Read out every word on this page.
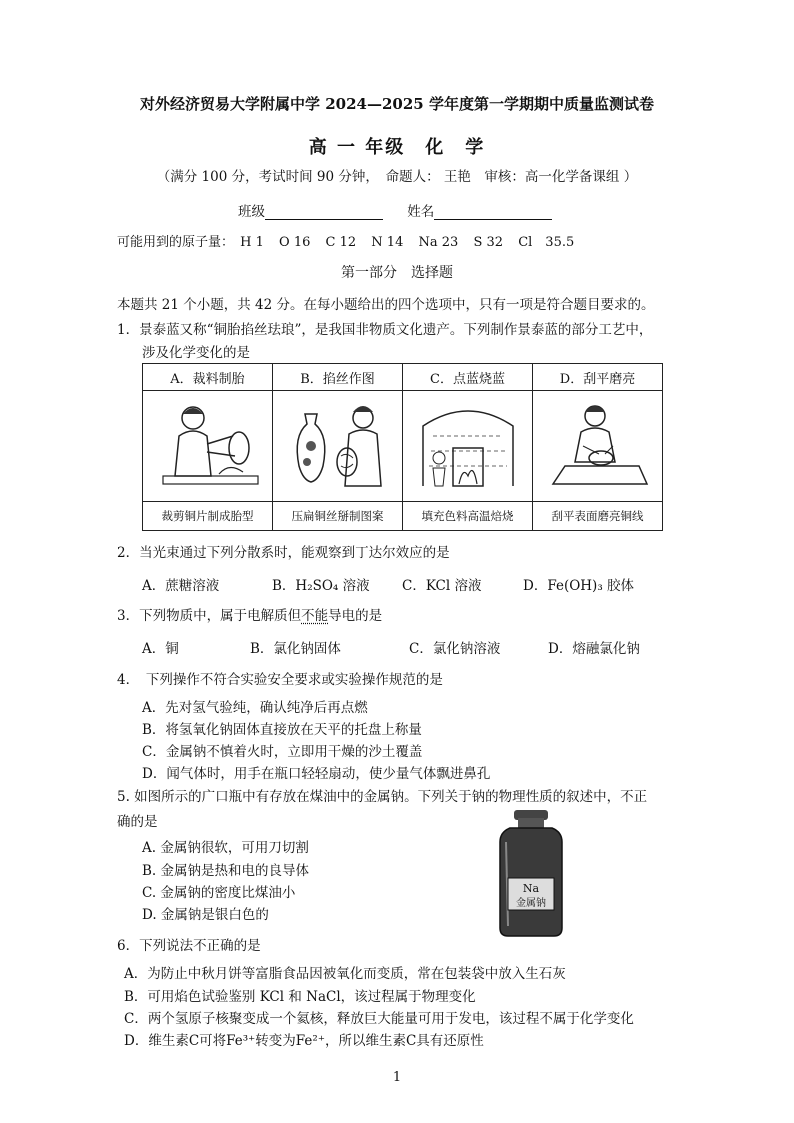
对外经济贸易大学附属中学 2024—2025 学年度第一学期期中质量监测试卷
高 一 年级　化　学
（满分 100 分，考试时间 90 分钟，　命题人： 王艳　审核：高一化学备课组 ）
班级	姓名
可能用到的原子量： H 1 O 16 C 12 N 14 Na 23 S 32 Cl　35.5
第一部分　选择题
本题共 21 个小题，共 42 分。在每小题给出的四个选项中，只有一项是符合题目要求的。
1．景泰蓝又称“铜胎掐丝珐琅”，是我国非物质文化遗产。下列制作景泰蓝的部分工艺中，
涉及化学变化的是
A．裁料制胎	B．掐丝作图	C．点蓝烧蓝	D．刮平磨亮

裁剪铜片制成胎型	压扁铜丝掰制图案	填充色料高温焙烧	刮平表面磨亮铜线
2．当光束通过下列分散系时，能观察到丁达尔效应的是
A．蔗糖溶液	B．H₂SO₄ 溶液 C．KCl 溶液	D．Fe(OH)₃ 胶体
3．下列物质中，属于电解质但不能导电的是
A．铜	B．氯化钠固体	C．氯化钠溶液	D．熔融氯化钠
4．　下列操作不符合实验安全要求或实验操作规范的是
A．先对氢气验纯，确认纯净后再点燃
B．将氢氧化钠固体直接放在天平的托盘上称量
C．金属钠不慎着火时，立即用干燥的沙土覆盖
D．闻气体时，用手在瓶口轻轻扇动，使少量气体飘进鼻孔
5. 如图所示的广口瓶中有存放在煤油中的金属钠。下列关于钠的物理性质的叙述中，不正
确的是
A. 金属钠很软，可用刀切割
B. 金属钠是热和电的良导体
C. 金属钠的密度比煤油小
D. 金属钠是银白色的
Na
金属钠
6．下列说法不正确的是
A．为防止中秋月饼等富脂食品因被氧化而变质，常在包装袋中放入生石灰
B．可用焰色试验鉴别 KCl 和 NaCl，该过程属于物理变化
C．两个氢原子核聚变成一个氦核，释放巨大能量可用于发电，该过程不属于化学变化
D．维生素C可将Fe³⁺转变为Fe²⁺，所以维生素C具有还原性
1
